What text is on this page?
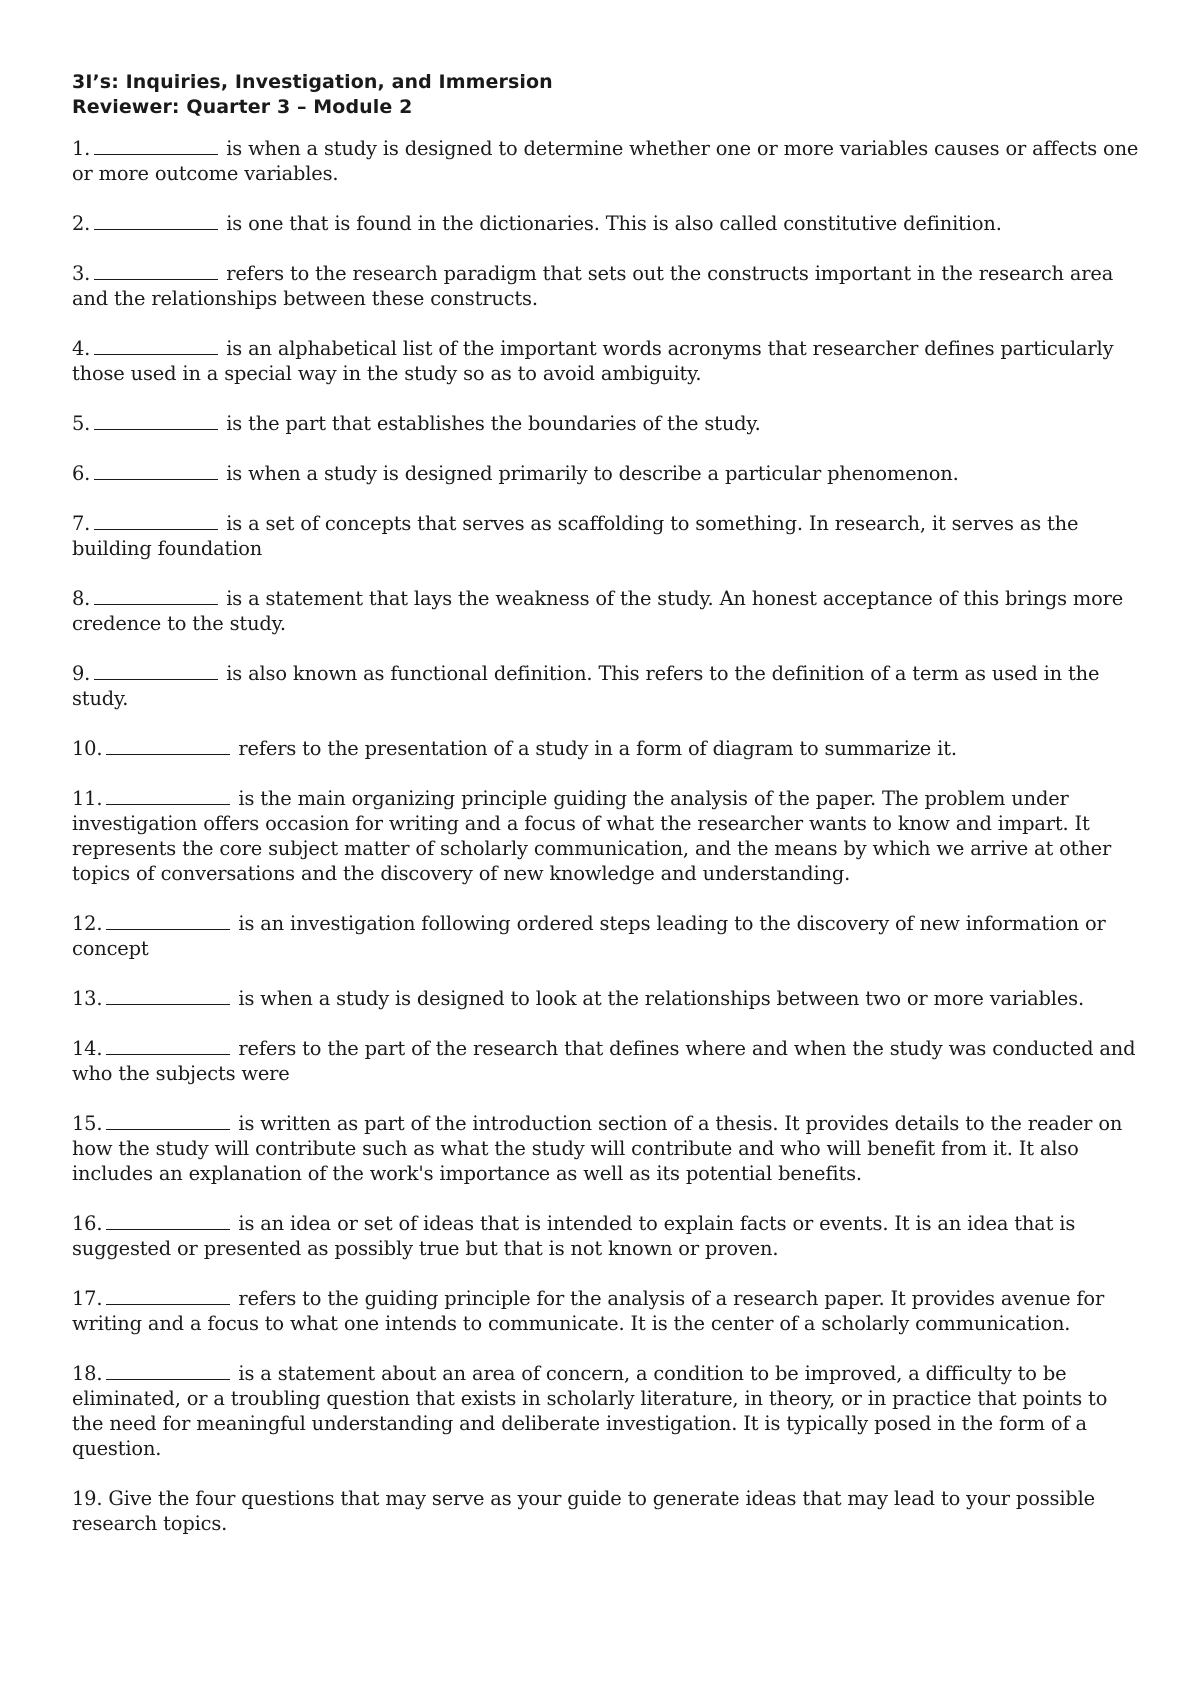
3I’s: Inquiries, Investigation, and Immersion
Reviewer: Quarter 3 – Module 2

1.	is when a study is designed to determine whether one or more variables causes or affects one or more outcome variables.

2.	is one that is found in the dictionaries. This is also called constitutive definition.

3.	refers to the research paradigm that sets out the constructs important in the research area and the relationships between these constructs.

4.	is an alphabetical list of the important words acronyms that researcher defines particularly those used in a special way in the study so as to avoid ambiguity.

5.	is the part that establishes the boundaries of the study.

6.	is when a study is designed primarily to describe a particular phenomenon.

7.	is a set of concepts that serves as scaffolding to something. In research, it serves as the building foundation

8.	is a statement that lays the weakness of the study. An honest acceptance of this brings more credence to the study.

9.	is also known as functional definition. This refers to the definition of a term as used in the study.

10.	refers to the presentation of a study in a form of diagram to summarize it.

11.	is the main organizing principle guiding the analysis of the paper. The problem under investigation offers occasion for writing and a focus of what the researcher wants to know and impart. It represents the core subject matter of scholarly communication, and the means by which we arrive at other topics of conversations and the discovery of new knowledge and understanding.

12.	is an investigation following ordered steps leading to the discovery of new information or concept

13.	is when a study is designed to look at the relationships between two or more variables.

14.	refers to the part of the research that defines where and when the study was conducted and who the subjects were

15.	is written as part of the introduction section of a thesis. It provides details to the reader on how the study will contribute such as what the study will contribute and who will benefit from it. It also includes an explanation of the work's importance as well as its potential benefits.

16.	is an idea or set of ideas that is intended to explain facts or events. It is an idea that is suggested or presented as possibly true but that is not known or proven.

17.	refers to the guiding principle for the analysis of a research paper. It provides avenue for writing and a focus to what one intends to communicate. It is the center of a scholarly communication.

18.	is a statement about an area of concern, a condition to be improved, a difficulty to be eliminated, or a troubling question that exists in scholarly literature, in theory, or in practice that points to the need for meaningful understanding and deliberate investigation. It is typically posed in the form of a question.

19. Give the four questions that may serve as your guide to generate ideas that may lead to your possible research topics.
